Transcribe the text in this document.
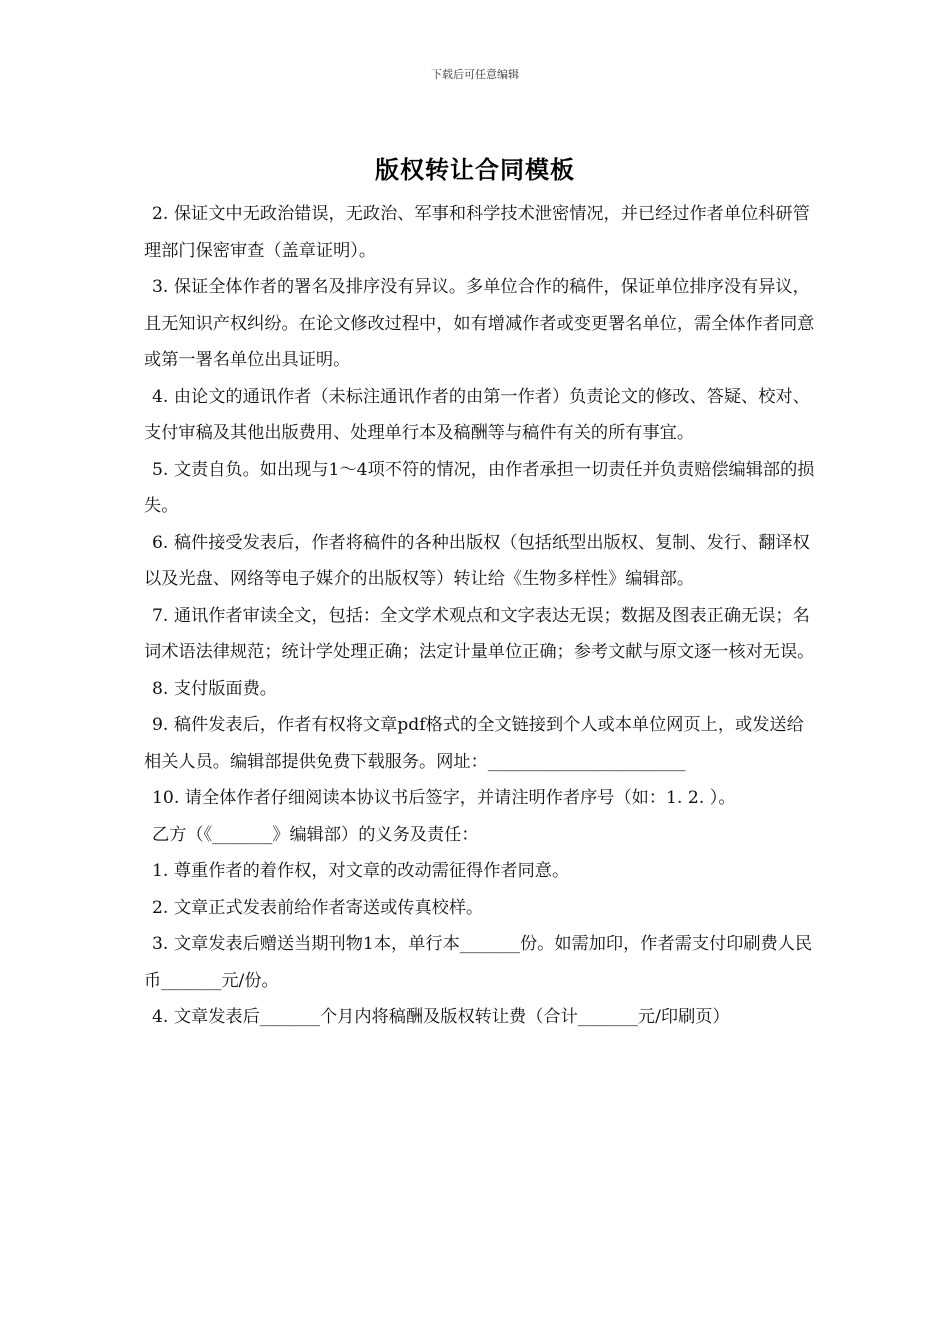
下载后可任意编辑
版权转让合同模板

2. 保证文中无政治错误，无政治、军事和科学技术泄密情况，并已经过作者单位科研管理部门保密审查（盖章证明）。

3. 保证全体作者的署名及排序没有异议。多单位合作的稿件，保证单位排序没有异议，且无知识产权纠纷。在论文修改过程中，如有增减作者或变更署名单位，需全体作者同意或第一署名单位出具证明。

4. 由论文的通讯作者（未标注通讯作者的由第一作者）负责论文的修改、答疑、校对、支付审稿及其他出版费用、处理单行本及稿酬等与稿件有关的所有事宜。

5. 文责自负。如出现与1～4项不符的情况，由作者承担一切责任并负责赔偿编辑部的损失。

6. 稿件接受发表后，作者将稿件的各种出版权（包括纸型出版权、复制、发行、翻译权以及光盘、网络等电子媒介的出版权等）转让给《生物多样性》编辑部。

7. 通讯作者审读全文，包括：全文学术观点和文字表达无误；数据及图表正确无误；名词术语法律规范；统计学处理正确；法定计量单位正确；参考文献与原文逐一核对无误。

8. 支付版面费。

9. 稿件发表后，作者有权将文章pdf格式的全文链接到个人或本单位网页上，或发送给相关人员。编辑部提供免费下载服务。网址：_______________________

10. 请全体作者仔细阅读本协议书后签字，并请注明作者序号（如：1. 2. ）。

乙方（《_______》编辑部）的义务及责任：

1. 尊重作者的着作权，对文章的改动需征得作者同意。

2. 文章正式发表前给作者寄送或传真校样。

3. 文章发表后赠送当期刊物1本，单行本_______份。如需加印，作者需支付印刷费人民币_______元/份。

4. 文章发表后_______个月内将稿酬及版权转让费（合计_______元/印刷页）
